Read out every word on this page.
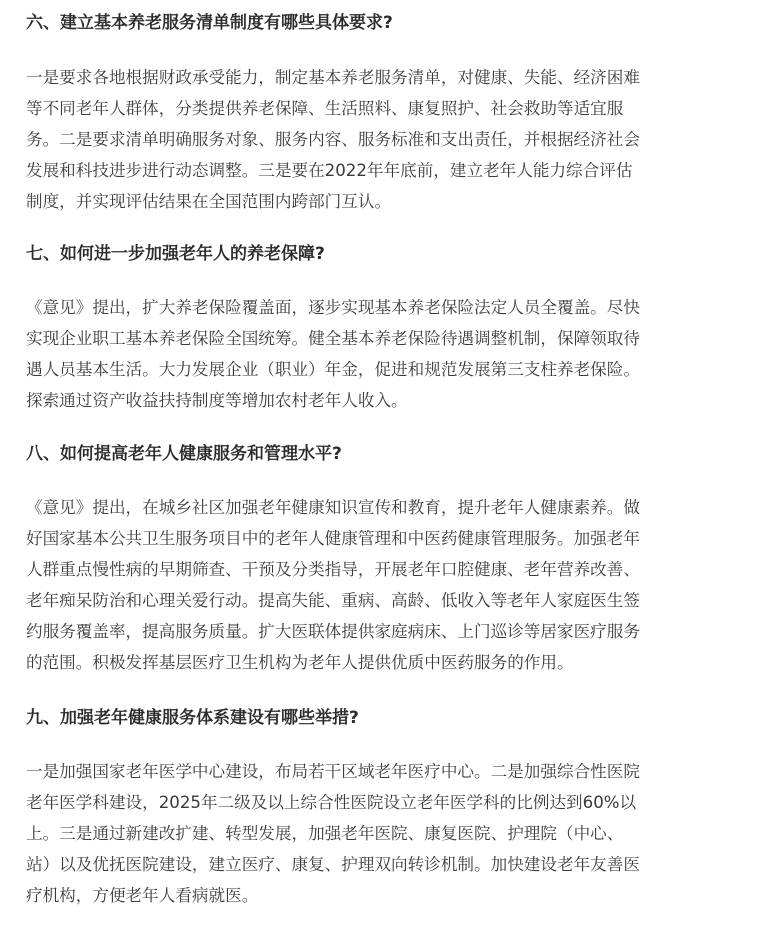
六、建立基本养老服务清单制度有哪些具体要求?

一是要求各地根据财政承受能力，制定基本养老服务清单，对健康、失能、经济困难
等不同老年人群体，分类提供养老保障、生活照料、康复照护、社会救助等适宜服
务。二是要求清单明确服务对象、服务内容、服务标准和支出责任，并根据经济社会
发展和科技进步进行动态调整。三是要在2022年年底前，建立老年人能力综合评估
制度，并实现评估结果在全国范围内跨部门互认。

七、如何进一步加强老年人的养老保障?

《意见》提出，扩大养老保险覆盖面，逐步实现基本养老保险法定人员全覆盖。尽快
实现企业职工基本养老保险全国统筹。健全基本养老保险待遇调整机制，保障领取待
遇人员基本生活。大力发展企业（职业）年金，促进和规范发展第三支柱养老保险。
探索通过资产收益扶持制度等增加农村老年人收入。

八、如何提高老年人健康服务和管理水平?

《意见》提出，在城乡社区加强老年健康知识宣传和教育，提升老年人健康素养。做
好国家基本公共卫生服务项目中的老年人健康管理和中医药健康管理服务。加强老年
人群重点慢性病的早期筛查、干预及分类指导，开展老年口腔健康、老年营养改善、
老年痴呆防治和心理关爱行动。提高失能、重病、高龄、低收入等老年人家庭医生签
约服务覆盖率，提高服务质量。扩大医联体提供家庭病床、上门巡诊等居家医疗服务
的范围。积极发挥基层医疗卫生机构为老年人提供优质中医药服务的作用。

九、加强老年健康服务体系建设有哪些举措?

一是加强国家老年医学中心建设，布局若干区域老年医疗中心。二是加强综合性医院
老年医学科建设，2025年二级及以上综合性医院设立老年医学科的比例达到60%以
上。三是通过新建改扩建、转型发展，加强老年医院、康复医院、护理院（中心、
站）以及优抚医院建设，建立医疗、康复、护理双向转诊机制。加快建设老年友善医
疗机构，方便老年人看病就医。
